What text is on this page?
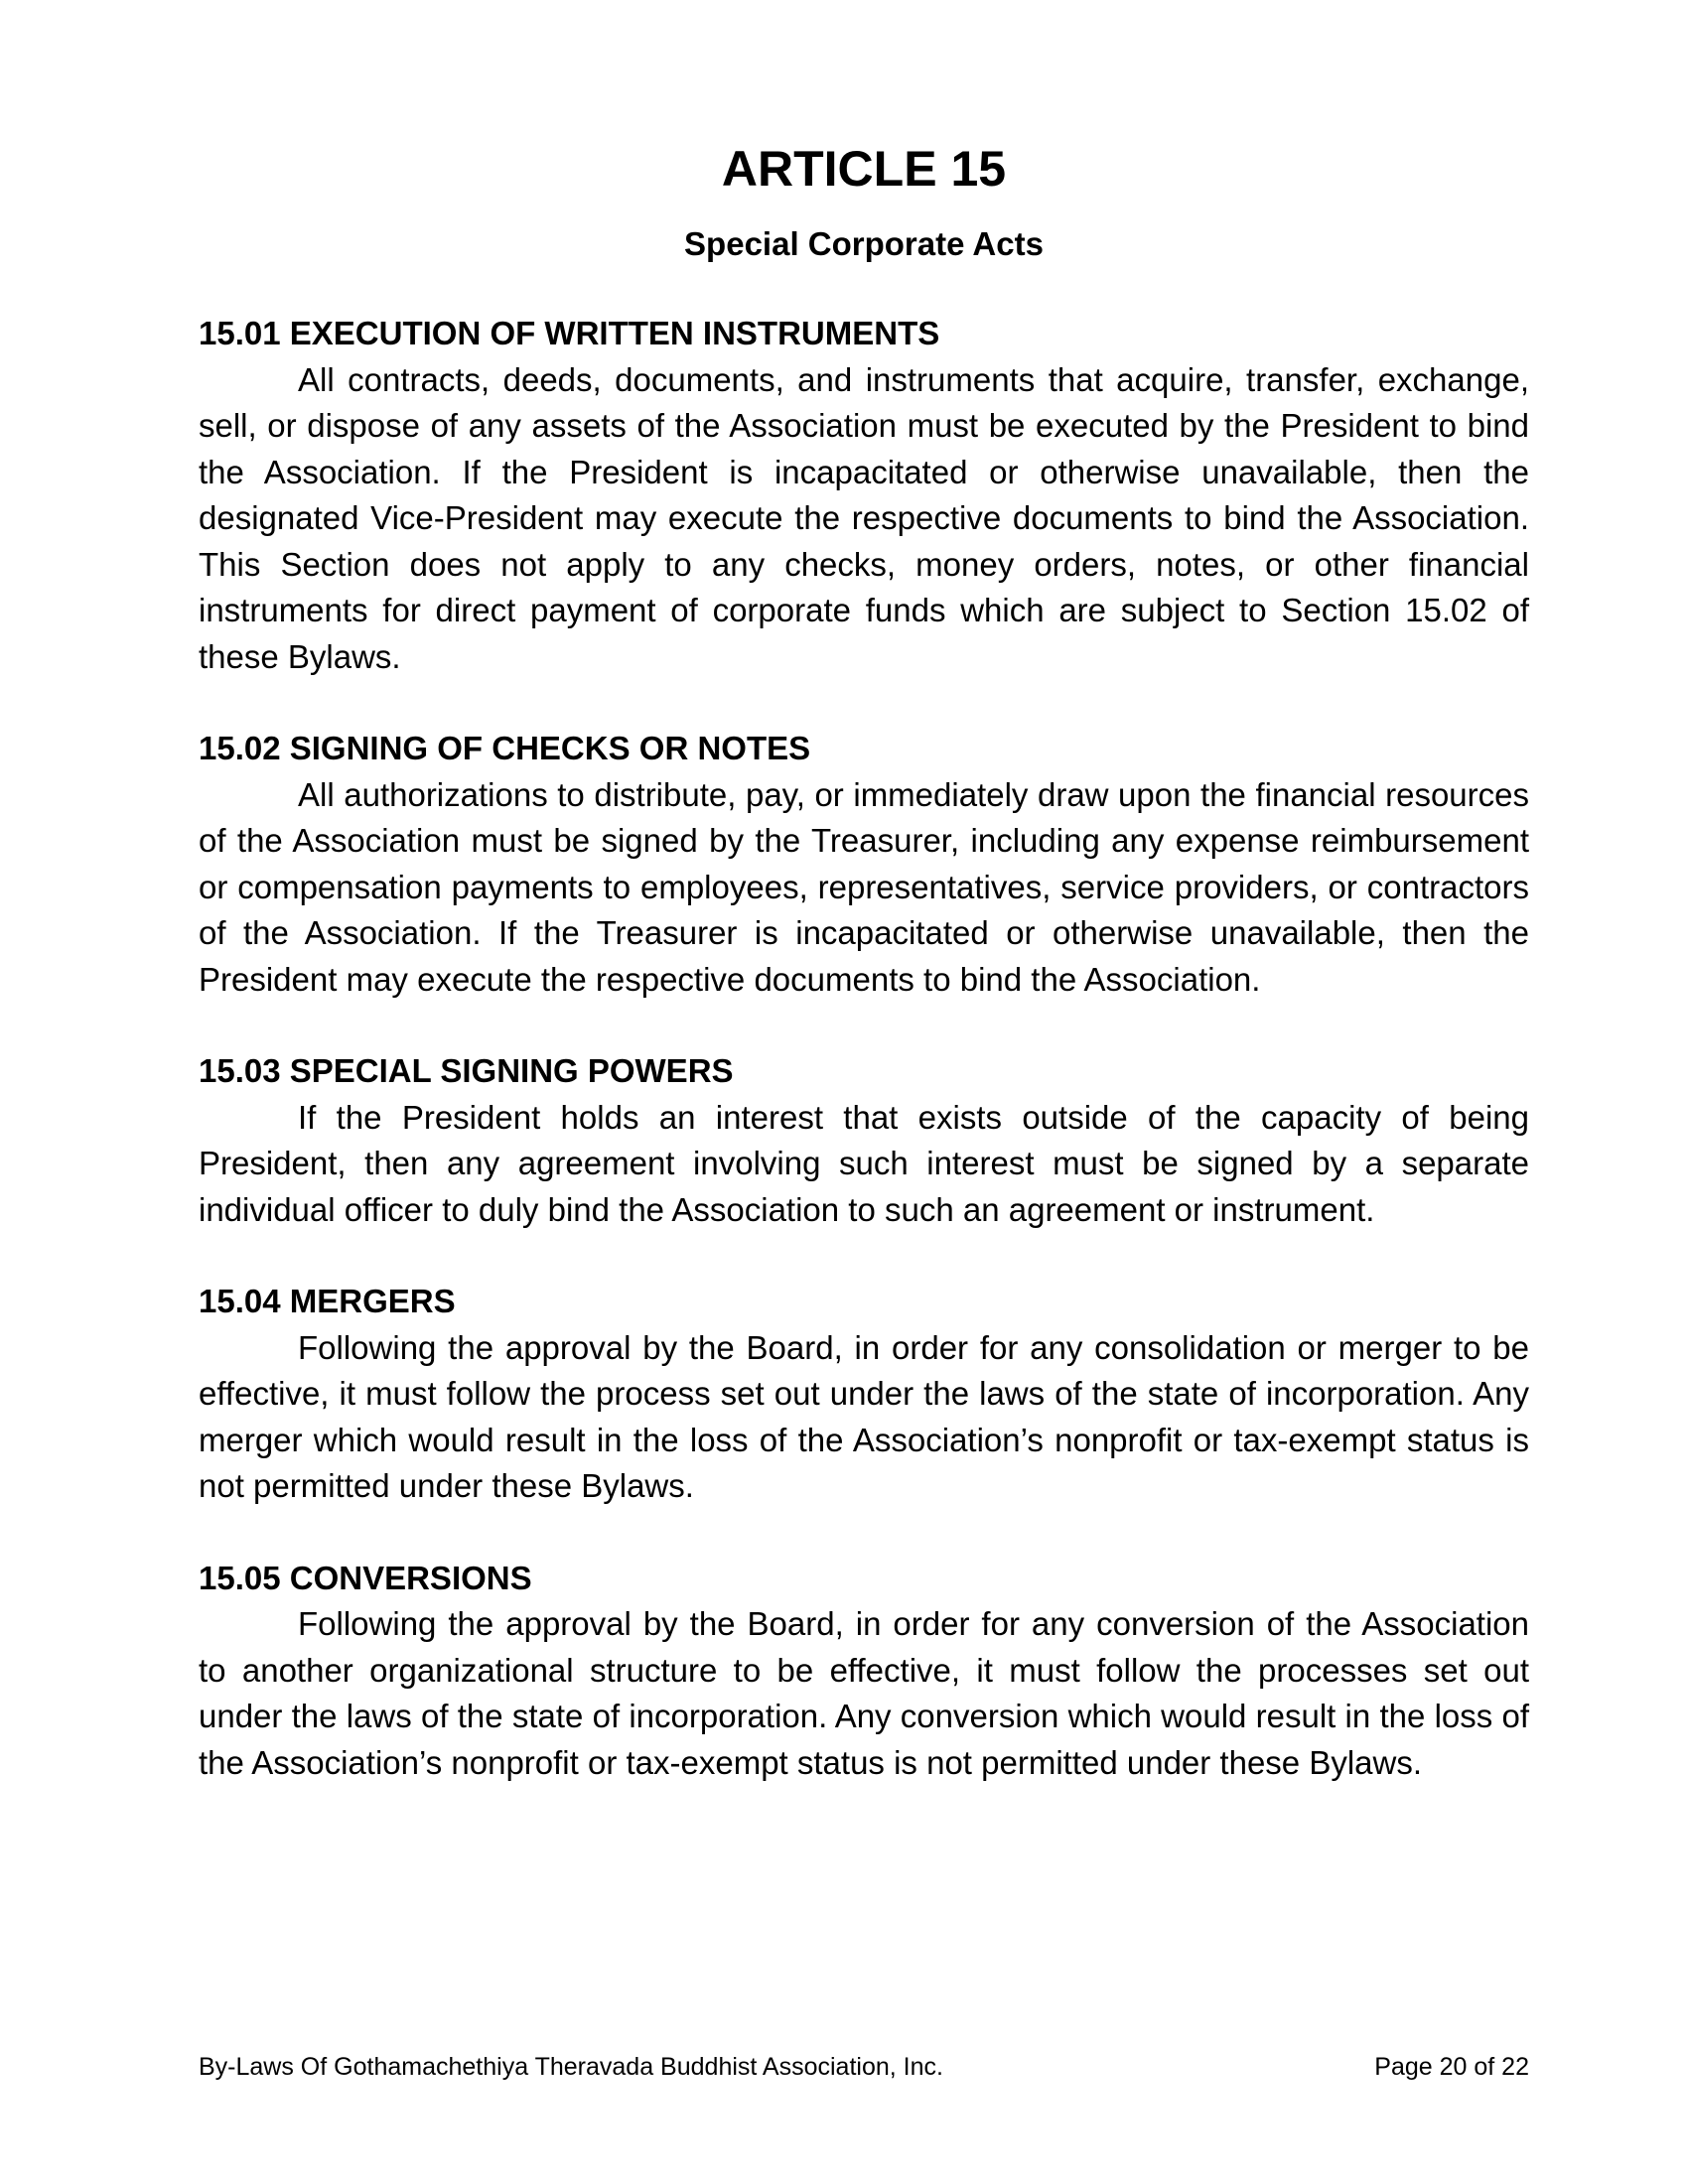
ARTICLE 15
Special Corporate Acts

15.01 EXECUTION OF WRITTEN INSTRUMENTS

All contracts, deeds, documents, and instruments that acquire, transfer, exchange, sell, or dispose of any assets of the Association must be executed by the President to bind the Association. If the President is incapacitated or otherwise unavailable, then the designated Vice-President may execute the respective documents to bind the Association. This Section does not apply to any checks, money orders, notes, or other financial instruments for direct payment of corporate funds which are subject to Section 15.02 of these Bylaws.

15.02 SIGNING OF CHECKS OR NOTES

All authorizations to distribute, pay, or immediately draw upon the financial resources of the Association must be signed by the Treasurer, including any expense reimbursement or compensation payments to employees, representatives, service providers, or contractors of the Association. If the Treasurer is incapacitated or otherwise unavailable, then the President may execute the respective documents to bind the Association.

15.03 SPECIAL SIGNING POWERS

If the President holds an interest that exists outside of the capacity of being President, then any agreement involving such interest must be signed by a separate individual officer to duly bind the Association to such an agreement or instrument.

15.04 MERGERS

Following the approval by the Board, in order for any consolidation or merger to be effective, it must follow the process set out under the laws of the state of incorporation. Any merger which would result in the loss of the Association’s nonprofit or tax-exempt status is not permitted under these Bylaws.

15.05 CONVERSIONS

Following the approval by the Board, in order for any conversion of the Association to another organizational structure to be effective, it must follow the processes set out under the laws of the state of incorporation. Any conversion which would result in the loss of the Association’s nonprofit or tax-exempt status is not permitted under these Bylaws.

By-Laws Of Gothamachethiya Theravada Buddhist Association, Inc.	Page 20 of 22
